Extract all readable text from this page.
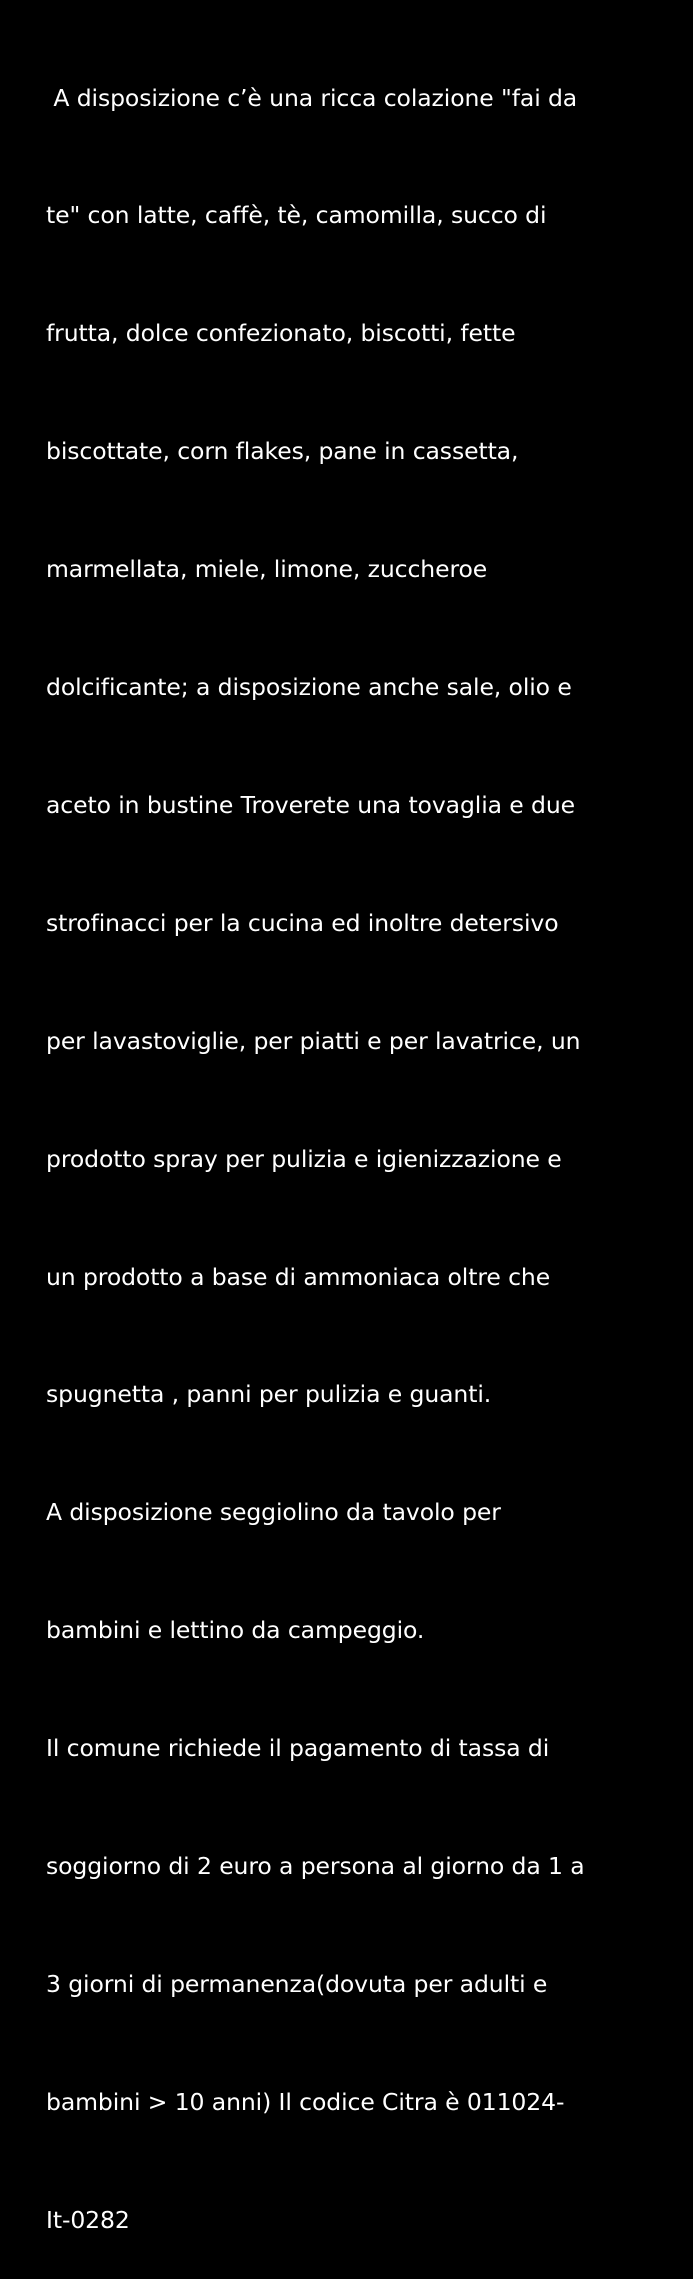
A disposizione c’è una ricca colazione "fai da

te" con latte, caffè, tè, camomilla, succo di

frutta, dolce confezionato, biscotti, fette

biscottate, corn flakes, pane in cassetta,

marmellata, miele, limone, zuccheroe

dolcificante; a disposizione anche sale, olio e

aceto in bustine Troverete una tovaglia e due

strofinacci per la cucina ed inoltre detersivo

per lavastoviglie, per piatti e per lavatrice, un

prodotto spray per pulizia e igienizzazione e

un prodotto a base di ammoniaca oltre che

spugnetta , panni per pulizia e guanti.

A disposizione seggiolino da tavolo per

bambini e lettino da campeggio.

Il comune richiede il pagamento di tassa di

soggiorno di 2 euro a persona al giorno da 1 a

3 giorni di permanenza(dovuta per adulti e

bambini > 10 anni) Il codice Citra è 011024-

It-0282
